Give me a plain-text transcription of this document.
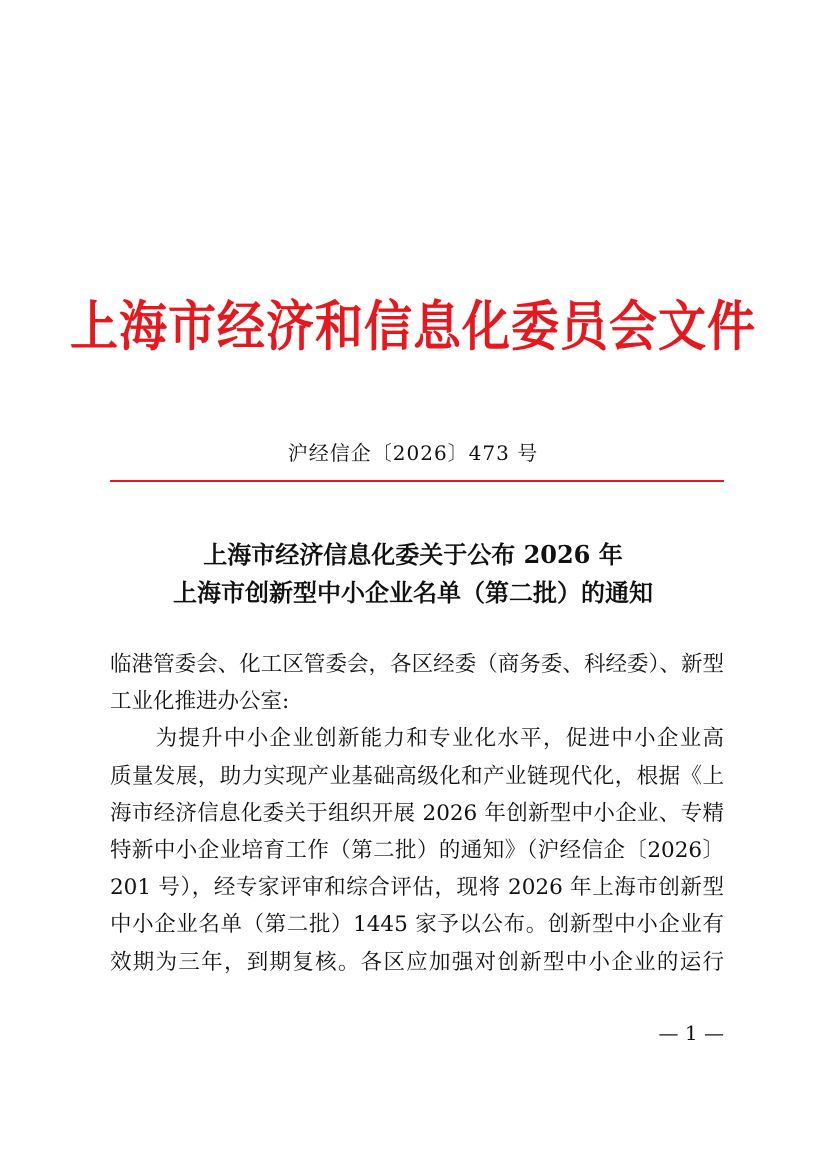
上海市经济和信息化委员会文件
沪经信企〔2026〕473 号
上海市经济信息化委关于公布 2026 年
上海市创新型中小企业名单（第二批）的通知
临港管委会、化工区管委会，各区经委（商务委、科经委）、新型
工业化推进办公室:
　　为提升中小企业创新能力和专业化水平，促进中小企业高
质量发展，助力实现产业基础高级化和产业链现代化，根据《上
海市经济信息化委关于组织开展 2026 年创新型中小企业、专精
特新中小企业培育工作（第二批）的通知》（沪经信企〔2026〕
201 号），经专家评审和综合评估，现将 2026 年上海市创新型
中小企业名单（第二批）1445 家予以公布。创新型中小企业有
效期为三年，到期复核。各区应加强对创新型中小企业的运行
— 1 —
